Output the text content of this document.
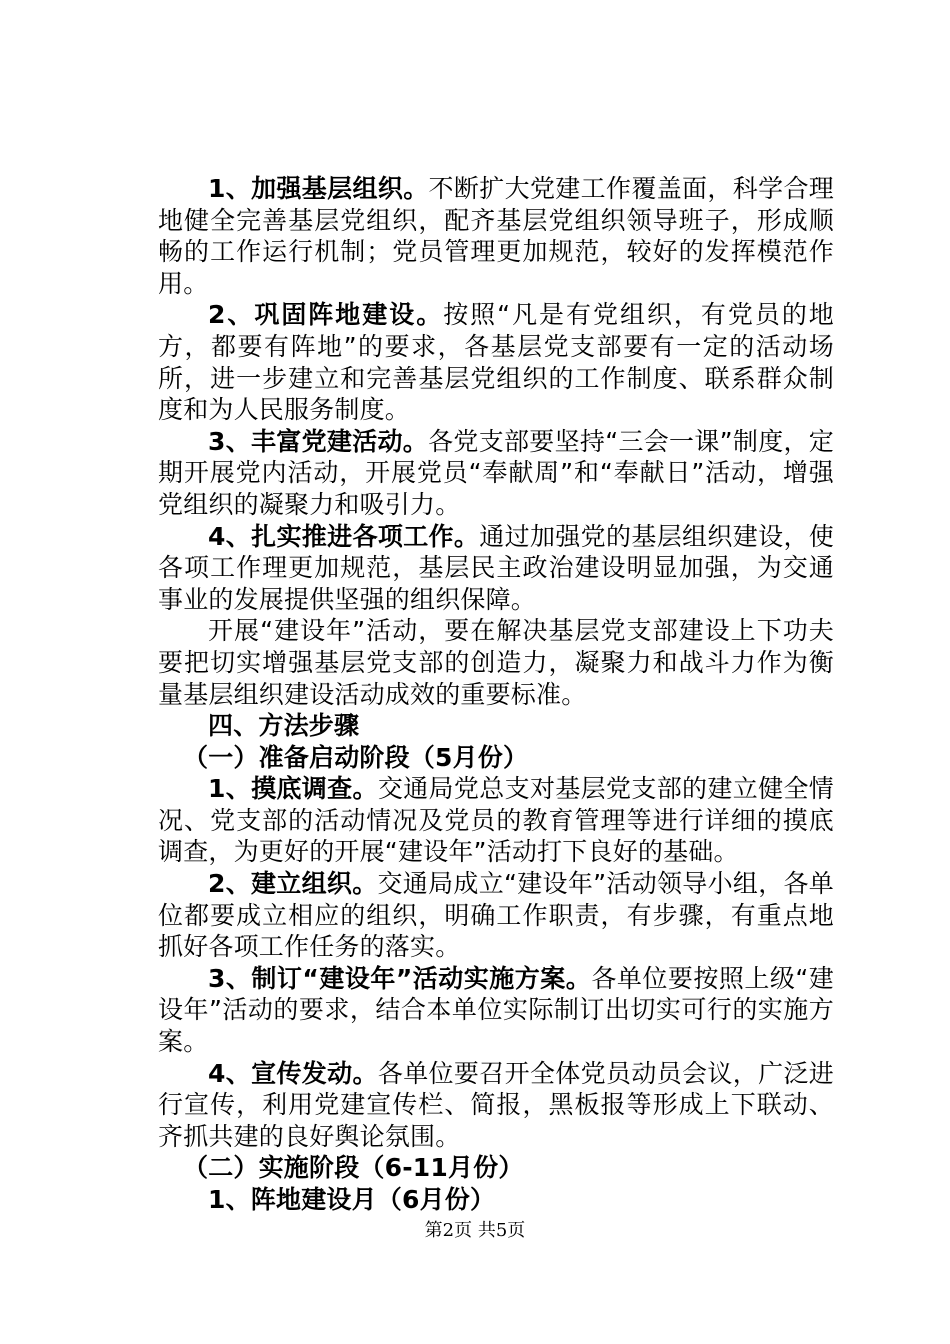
1、加强基层组织。不断扩大党建工作覆盖面，科学合理地健全完善基层党组织，配齐基层党组织领导班子，形成顺畅的工作运行机制；党员管理更加规范，较好的发挥模范作用。

2、巩固阵地建设。按照“凡是有党组织，有党员的地方，都要有阵地”的要求，各基层党支部要有一定的活动场所，进一步建立和完善基层党组织的工作制度、联系群众制度和为人民服务制度。

3、丰富党建活动。各党支部要坚持“三会一课”制度，定期开展党内活动，开展党员“奉献周”和“奉献日”活动，增强党组织的凝聚力和吸引力。

4、扎实推进各项工作。通过加强党的基层组织建设，使各项工作理更加规范，基层民主政治建设明显加强，为交通事业的发展提供坚强的组织保障。

开展“建设年”活动，要在解决基层党支部建设上下功夫要把切实增强基层党支部的创造力，凝聚力和战斗力作为衡量基层组织建设活动成效的重要标准。

四、方法步骤

（一）准备启动阶段（5月份）

1、摸底调查。交通局党总支对基层党支部的建立健全情况、党支部的活动情况及党员的教育管理等进行详细的摸底调查，为更好的开展“建设年”活动打下良好的基础。

2、建立组织。交通局成立“建设年”活动领导小组，各单位都要成立相应的组织，明确工作职责，有步骤，有重点地抓好各项工作任务的落实。

3、制订“建设年”活动实施方案。各单位要按照上级“建设年”活动的要求，结合本单位实际制订出切实可行的实施方案。

4、宣传发动。各单位要召开全体党员动员会议，广泛进行宣传，利用党建宣传栏、简报，黑板报等形成上下联动、齐抓共建的良好舆论氛围。

（二）实施阶段（6-11月份）

1、阵地建设月（6月份）

第2页 共5页
